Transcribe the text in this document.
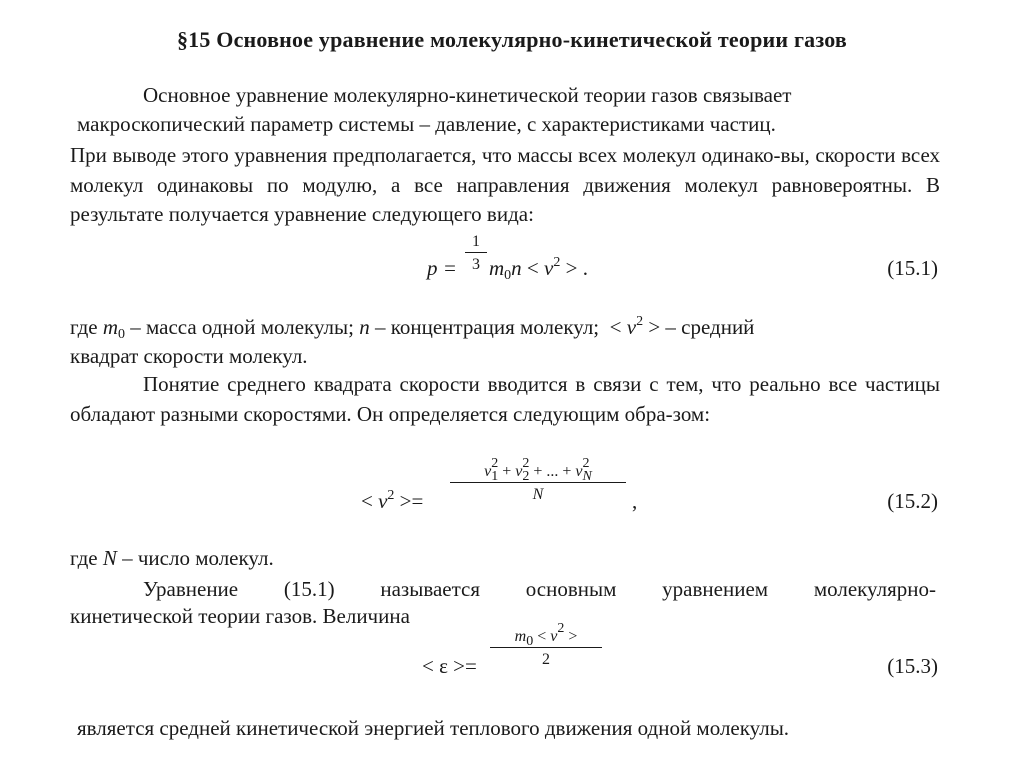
§15 Основное уравнение молекулярно-кинетической теории газов
Основное уравнение молекулярно-кинетической теории газов связывает
макроскопический параметр системы – давление, с характеристиками частиц.
При выводе этого уравнения предполагается, что массы всех молекул одинако-вы, скорости всех молекул одинаковы по модулю, а все направления движения молекул равновероятны. В результате получается уравнение следующего вида:
$p = \frac{1}{3} m_0n < v^2$ > .	(15.1)
где $m_0$ – масса одной молекулы; n – концентрация молекул; < $v^2$ > – средний
квадрат скорости молекул.
Понятие среднего квадрата скорости вводится в связи с тем, что реально все частицы обладают разными скоростями. Он определяется следующим обра-зом:
< $v^2 >= \frac{v^2_1 + v^2_2 + ... + v^2_N}{N}$ ,	(15.2)
где N – число молекул.
Уравнение (15.1) называется основным уравнением молекулярно-
кинетической теории газов. Величина
< $\varepsilon >= \frac{m_0 < v^2 >}{2}$	(15.3)
является средней кинетической энергией теплового движения одной молекулы.
